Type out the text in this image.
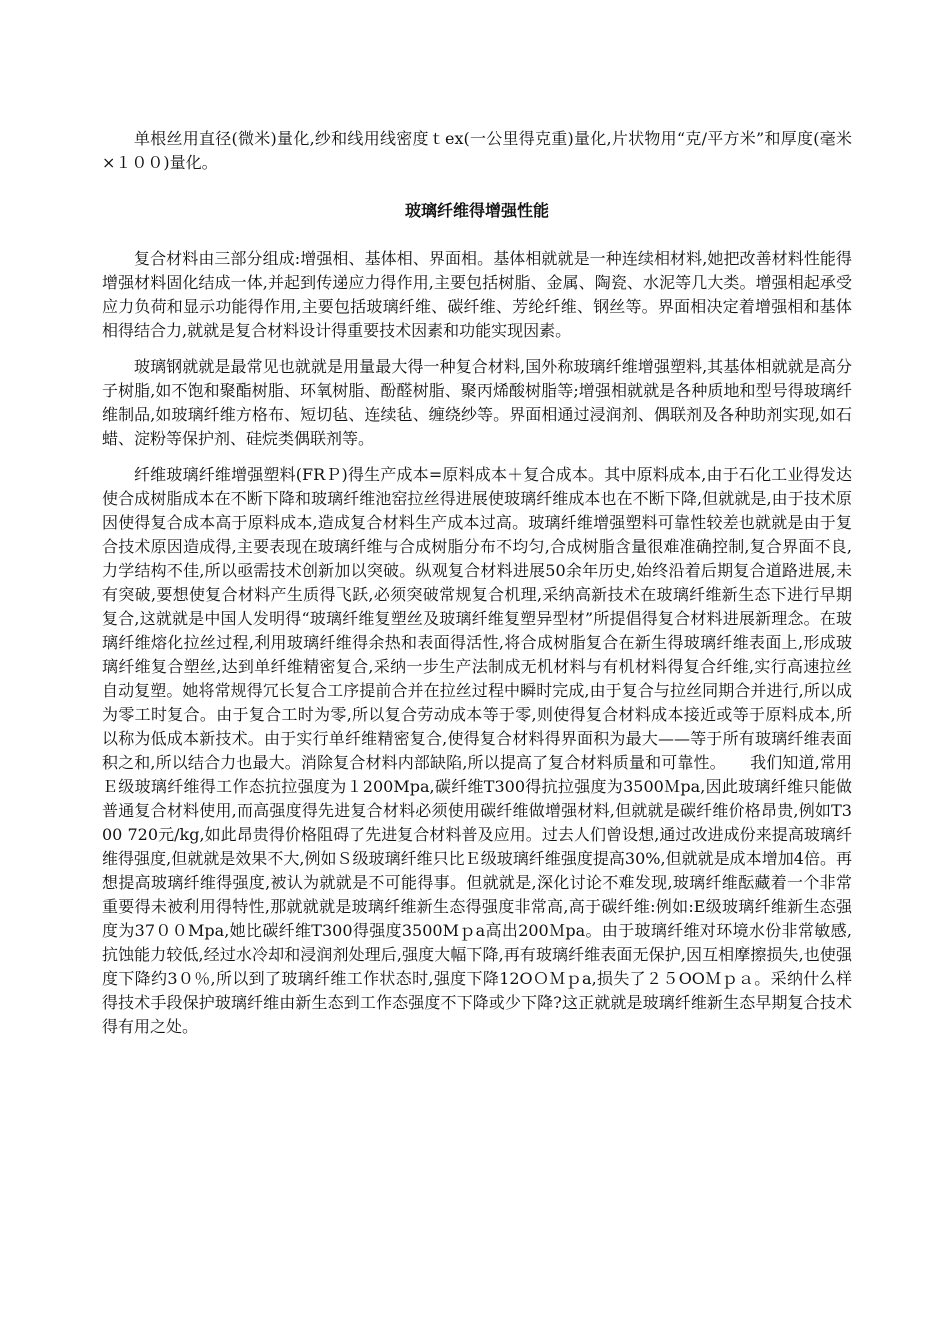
单根丝用直径(微米)量化,纱和线用线密度ｔex(一公里得克重)量化,片状物用“克/平方米”和厚度(毫米×１００)量化。

玻璃纤维得增强性能

复合材料由三部分组成:增强相、基体相、界面相。基体相就就是一种连续相材料,她把改善材料性能得增强材料固化结成一体,并起到传递应力得作用,主要包括树脂、金属、陶瓷、水泥等几大类。增强相起承受应力负荷和显示功能得作用,主要包括玻璃纤维、碳纤维、芳纶纤维、钢丝等。界面相决定着增强相和基体相得结合力,就就是复合材料设计得重要技术因素和功能实现因素。

玻璃钢就就是最常见也就就是用量最大得一种复合材料,国外称玻璃纤维增强塑料,其基体相就就是高分子树脂,如不饱和聚酯树脂、环氧树脂、酚醛树脂、聚丙烯酸树脂等;增强相就就是各种质地和型号得玻璃纤维制品,如玻璃纤维方格布、短切毡、连续毡、缠绕纱等。界面相通过浸润剂、偶联剂及各种助剂实现,如石蜡、淀粉等保护剂、硅烷类偶联剂等。

纤维玻璃纤维增强塑料(FRＰ)得生产成本=原料成本＋复合成本。其中原料成本,由于石化工业得发达使合成树脂成本在不断下降和玻璃纤维池窑拉丝得进展使玻璃纤维成本也在不断下降,但就就是,由于技术原因使得复合成本高于原料成本,造成复合材料生产成本过高。玻璃纤维增强塑料可靠性较差也就就是由于复合技术原因造成得,主要表现在玻璃纤维与合成树脂分布不均匀,合成树脂含量很难准确控制,复合界面不良,力学结构不佳,所以亟需技术创新加以突破。纵观复合材料进展50余年历史,始终沿着后期复合道路进展,未有突破,要想使复合材料产生质得飞跃,必须突破常规复合机理,采纳高新技术在玻璃纤维新生态下进行早期复合,这就就是中国人发明得“玻璃纤维复塑丝及玻璃纤维复塑异型材”所提倡得复合材料进展新理念。在玻璃纤维熔化拉丝过程,利用玻璃纤维得余热和表面得活性,将合成树脂复合在新生得玻璃纤维表面上,形成玻璃纤维复合塑丝,达到单纤维精密复合,采纳一步生产法制成无机材料与有机材料得复合纤维,实行高速拉丝自动复塑。她将常规得冗长复合工序提前合并在拉丝过程中瞬时完成,由于复合与拉丝同期合并进行,所以成为零工时复合。由于复合工时为零,所以复合劳动成本等于零,则使得复合材料成本接近或等于原料成本,所以称为低成本新技术。由于实行单纤维精密复合,使得复合材料得界面积为最大——等于所有玻璃纤维表面积之和,所以结合力也最大。消除复合材料内部缺陷,所以提高了复合材料质量和可靠性。　　我们知道,常用Ｅ级玻璃纤维得工作态抗拉强度为１200Mpa,碳纤维T300得抗拉强度为3500Ｍpa,因此玻璃纤维只能做普通复合材料使用,而高强度得先进复合材料必须使用碳纤维做增强材料,但就就是碳纤维价格昂贵,例如T300 720元/kg,如此昂贵得价格阻碍了先进复合材料普及应用。过去人们曾设想,通过改进成份来提高玻璃纤维得强度,但就就是效果不大,例如Ｓ级玻璃纤维只比Ｅ级玻璃纤维强度提高30%,但就就是成本增加4倍。再想提高玻璃纤维得强度,被认为就就是不可能得事。但就就是,深化讨论不难发现,玻璃纤维酝藏着一个非常重要得未被利用得特性,那就就就是玻璃纤维新生态得强度非常高,高于碳纤维:例如:E级玻璃纤维新生态强度为37００Mpa,她比碳纤维T300得强度3500Mｐa高出200Ｍpa。由于玻璃纤维对环境水份非常敏感,抗蚀能力较低,经过水冷却和浸润剂处理后,强度大幅下降,再有玻璃纤维表面无保护,因互相摩擦损失,也使强度下降约3０％,所以到了玻璃纤维工作状态时,强度下降12OＯＭｐa,损失了２５OOＭｐａ。采纳什么样得技术手段保护玻璃纤维由新生态到工作态强度不下降或少下降?这正就就是玻璃纤维新生态早期复合技术得有用之处。
